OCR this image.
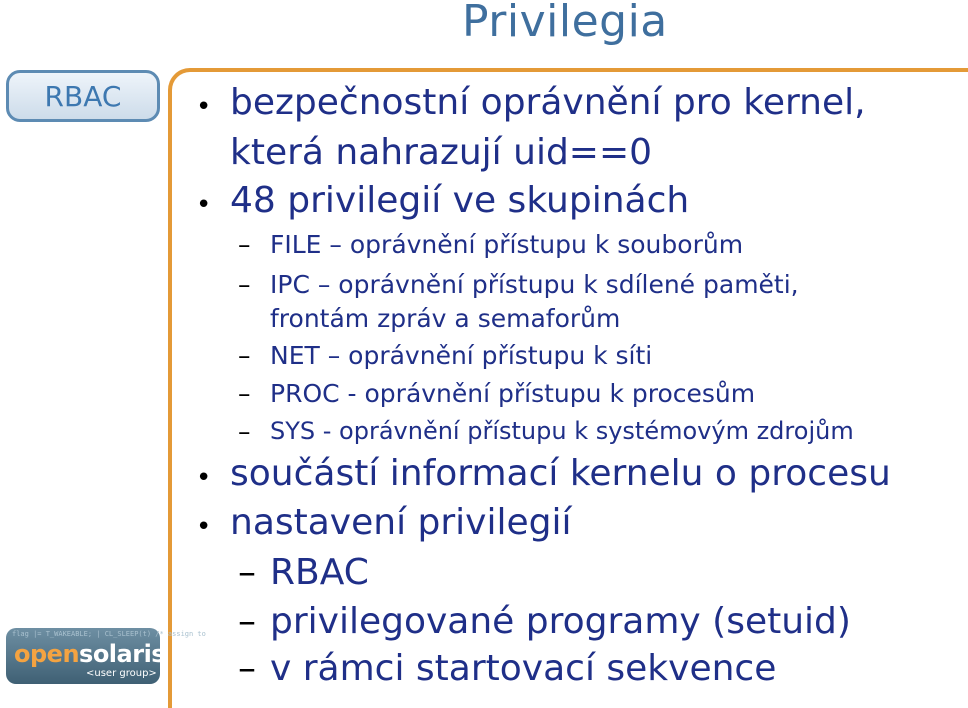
Privilegia
RBAC
flag |= T_WAKEABLE; | CL_SLEEP(t) /* assign to
opensolaris
<user group>
• bezpečnostní oprávnění pro kernel,
která nahrazují uid==0
• 48 privilegií ve skupinách
– FILE – oprávnění přístupu k souborům
– IPC – oprávnění přístupu k sdílené paměti,
frontám zpráv a semaforům
– NET – oprávnění přístupu k síti
– PROC - oprávnění přístupu k procesům
– SYS - oprávnění přístupu k systémovým zdrojům
• součástí informací kernelu o procesu
• nastavení privilegií
– RBAC
– privilegované programy (setuid)
– v rámci startovací sekvence
